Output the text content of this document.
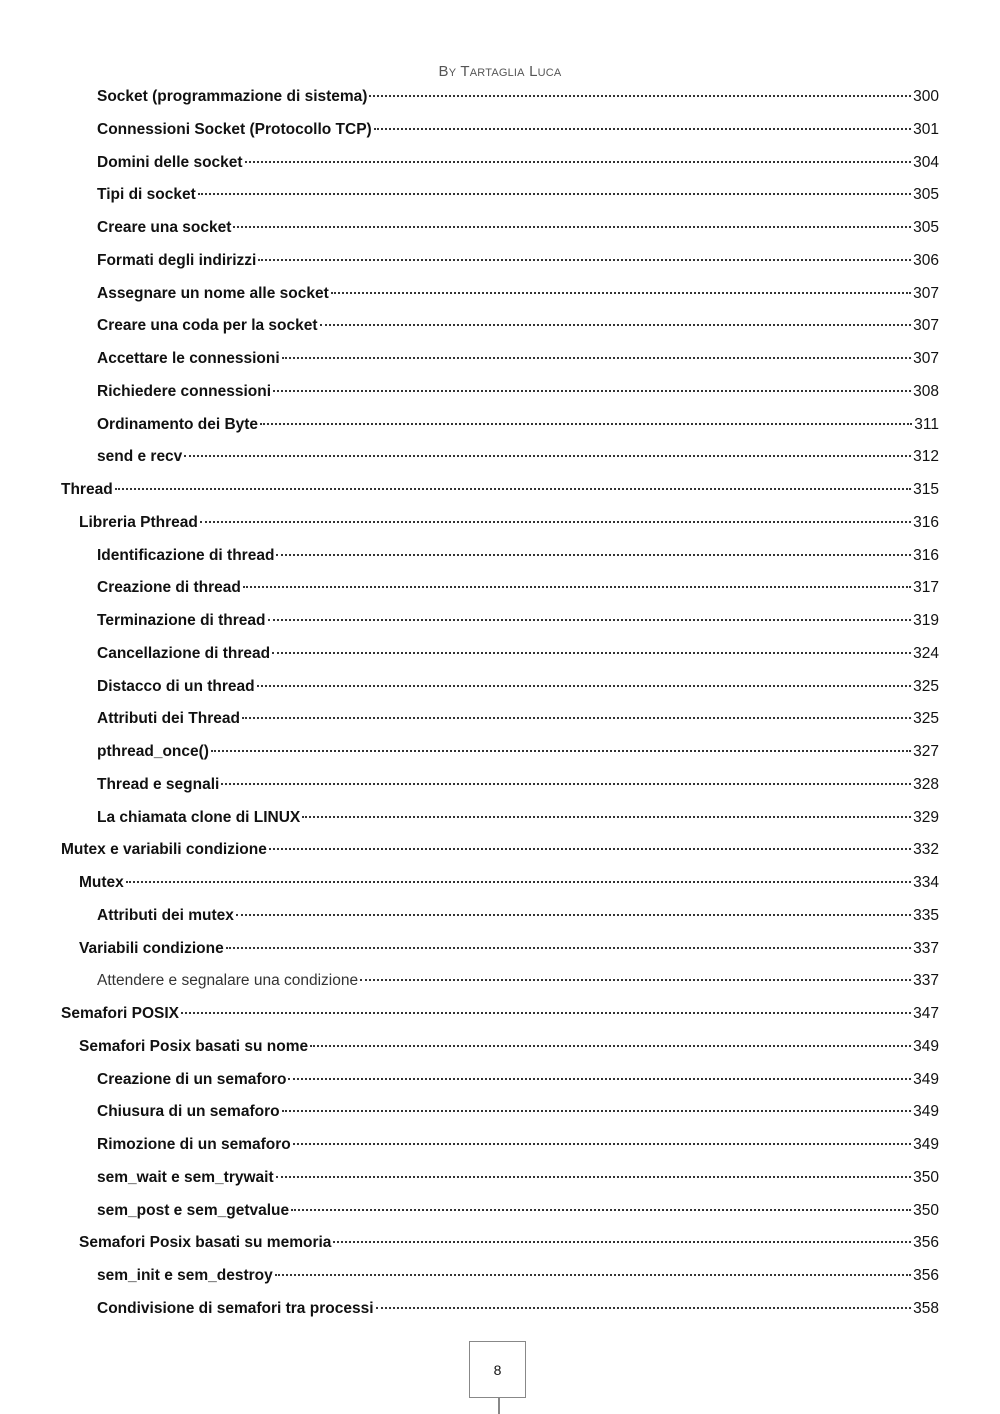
By Tartaglia Luca
Socket (programmazione di sistema)	300
Connessioni Socket (Protocollo TCP)	301
Domini delle socket	304
Tipi di socket	305
Creare una socket	305
Formati degli indirizzi	306
Assegnare un nome alle socket	307
Creare una coda per la socket	307
Accettare le connessioni	307
Richiedere connessioni	308
Ordinamento dei Byte	311
send e recv	312
Thread	315
Libreria Pthread	316
Identificazione di thread	316
Creazione di thread	317
Terminazione di thread	319
Cancellazione di thread	324
Distacco di un thread	325
Attributi dei Thread	325
pthread_once()	327
Thread e segnali	328
La chiamata clone di LINUX	329
Mutex e variabili condizione	332
Mutex	334
Attributi dei mutex	335
Variabili condizione	337
Attendere e segnalare una condizione	337
Semafori POSIX	347
Semafori Posix basati su nome	349
Creazione di un semaforo	349
Chiusura di un semaforo	349
Rimozione di un semaforo	349
sem_wait e sem_trywait	350
sem_post e sem_getvalue	350
Semafori Posix basati su memoria	356
sem_init e sem_destroy	356
Condivisione di semafori tra processi	358
8
